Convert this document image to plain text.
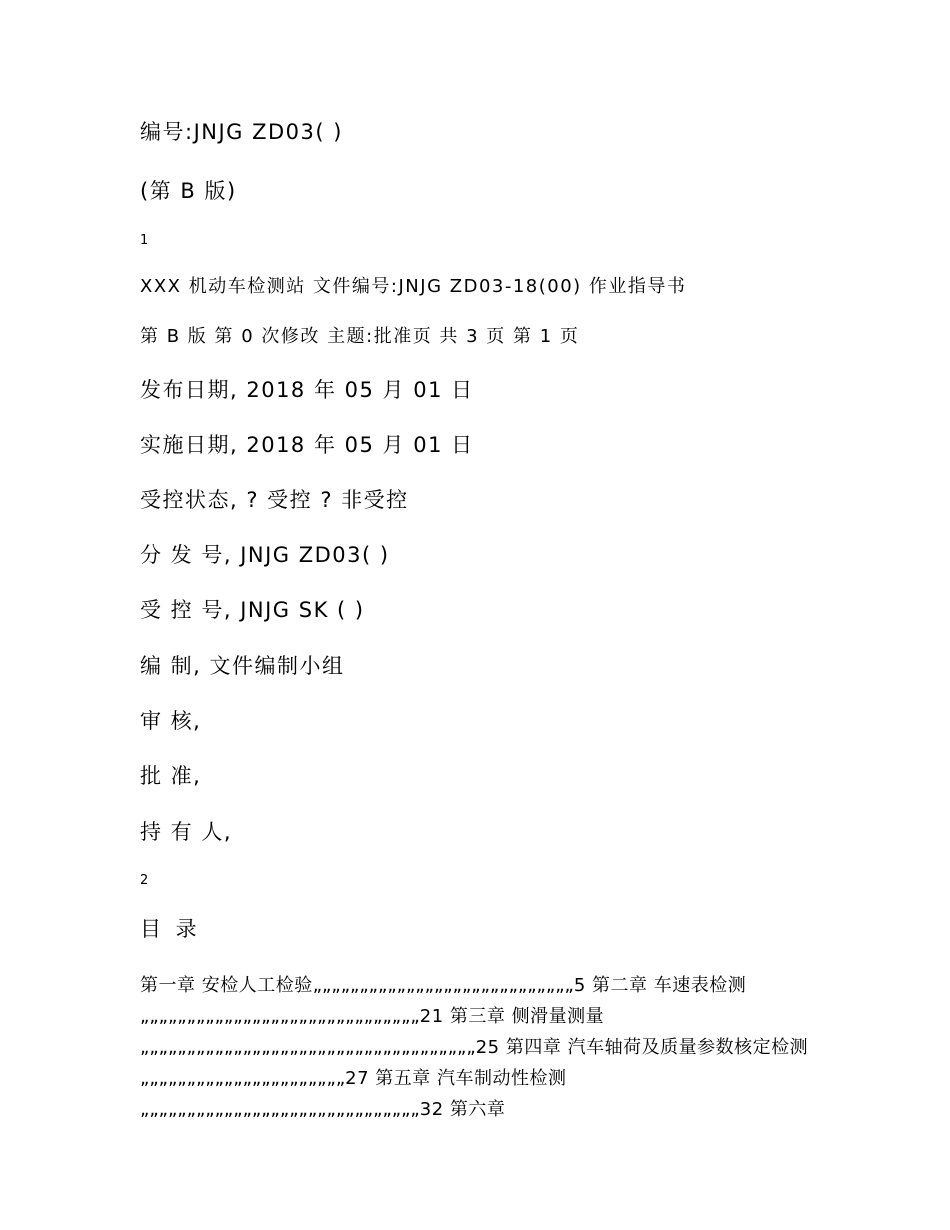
编号:JNJG ZD03( )
(第 B 版)
1
XXX 机动车检测站 文件编号:JNJG ZD03-18(00) 作业指导书
第 B 版 第 0 次修改 主题:批准页 共 3 页 第 1 页
发布日期, 2018 年 05 月 01 日
实施日期, 2018 年 05 月 01 日
受控状态, ? 受控 ? 非受控
分 发 号, JNJG ZD03( )
受 控 号, JNJG SK ( )
编 制, 文件编制小组
审 核,
批 准,
持 有 人,
2
目 录
第一章 安检人工检验„„„„„„„„„„„„„„„„„„„„„„„„„„„„5 第二章 车速表检测 „„„„„„„„„„„„„„„„„„„„„„„„„„„„„„21 第三章 侧滑量测量„„„„„„„„„„„„„„„„„„„„„„„„„„„„„„„„„„„„25 第四章 汽车轴荷及质量参数核定检测„„„„„„„„„„„„„„„„„„„„„„27 第五章 汽车制动性检测„„„„„„„„„„„„„„„„„„„„„„„„„„„„„„32 第六章
